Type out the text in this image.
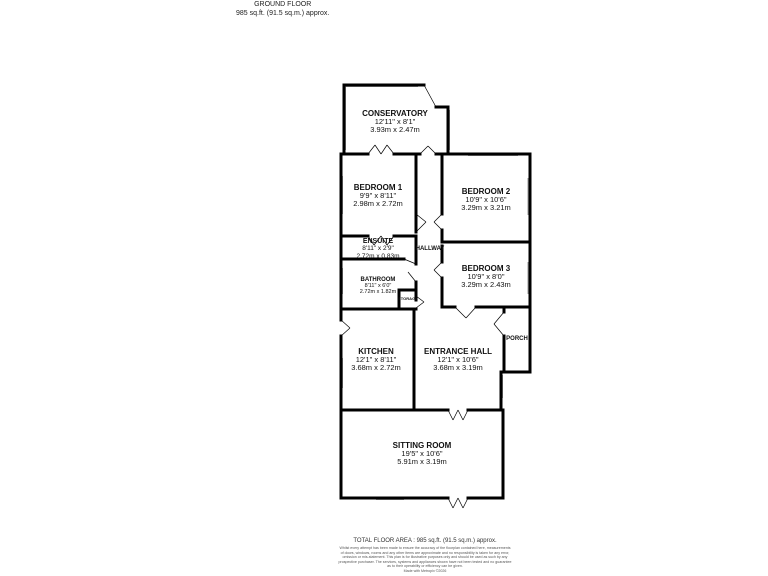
GROUND FLOOR
985 sq.ft. (91.5 sq.m.) approx.
CONSERVATORY
12'11" x 8'1"
3.93m x 2.47m
BEDROOM 1
9'9" x 8'11"
2.98m x 2.72m
BEDROOM 2
10'9" x 10'6"
3.29m x 3.21m
ENSUITE
8'11" x 2'9"
2.72m x 0.83m
HALLWAY
BEDROOM 3
10'9" x 8'0"
3.29m x 2.43m
BATHROOM
8'11" x 6'0"
2.72m x 1.82m
STORAGE
PORCH
KITCHEN
12'1" x 8'11"
3.68m x 2.72m
ENTRANCE HALL
12'1" x 10'6"
3.68m x 3.19m
SITTING ROOM
19'5" x 10'6"
5.91m x 3.19m
TOTAL FLOOR AREA : 985 sq.ft. (91.5 sq.m.) approx.
Whilst every attempt has been made to ensure the accuracy of the floorplan contained here, measurements
of doors, windows, rooms and any other items are approximate and no responsibility is taken for any error,
omission or mis-statement. This plan is for illustrative purposes only and should be used as such by any
prospective purchaser. The services, systems and appliances shown have not been tested and no guarantee
as to their operability or efficiency can be given.
Made with Metropix ©2026
